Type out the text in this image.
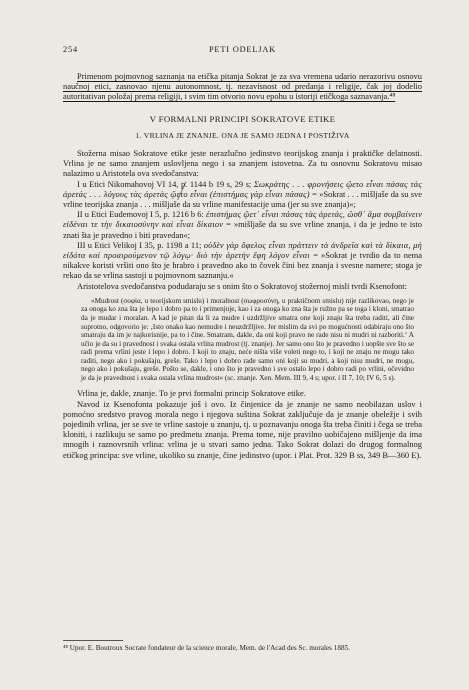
254	PETI ODELJAK

Primenom pojmovnog saznanja na etička pitanja Sokrat je za sva vremena udario nerazorivu osnovu naučnoj etici, zasnovao njenu autonomnost, tj. nezavisnost od predanja i religije, čak joj dodelio autoritativan položaj prema religiji, i svim tim otvorio novu epohu u istoriji etičkoga saznavanja.⁴⁸

V FORMALNI PRINCIPI SOKRATOVE ETIKE

1. VRLINA JE ZNANJE. ONA JE SAMO JEDNA I POSTIŽIVA

Stožerna misao Sokratove etike jeste nerazlučno jedinstvo teorijskog znanja i praktičke delatnosti. Vrlina je ne samo znanjem uslovljena nego i sa znanjem istovetna. Za tu osnovnu Sokratovu misao nalazimo u Aristotela ova svedočanstva:

I u Etici Nikomahovoj VI 14, p. 1144 b 19 s, 29 s; Σωκράτης . . . φρονήσεις ᾤετο εἶναι πάσας τὰς ἀρετάς . . . λόγους τὰς ἀρετὰς ᾤετο εἶναι (ἐπιστήμας γὰρ εἶναι πάσας) = »Sokrat . . . mišljaše da su sve vrline teorijska znanja . . . mišljaše da su vrline manifestacije uma (jer su sve znanja)«;

II u Etici Eudemovoj I 5, p. 1216 b 6: ἐπιστήμας ᾤετ᾽ εἶναι πάσας τὰς ἀρετάς, ὥσθ᾽ ἅμα συμβαίνειν εἰδέναι τε τὴν δικαιοσύνην καὶ εἶναι δίκαιον = »mišljaše da su sve vrline znanja, i da je jedno te isto znati šta je pravedno i biti pravedan«;

III u Etici Velikoj I 35, p. 1198 a 11; οὐδὲν γὰρ ὄφελος εἶναι πράττειν τὰ ἀνδρεῖα καὶ τὰ δίκαια, μὴ εἰδότα καὶ προαιρούμενον τῷ λόγῳ· διὸ τὴν ἀρετὴν ἔφη λόγον εἶναι = »Sokrat je tvrdio da to nema nikakve koristi vršiti ono što je hrabro i pravedno ako to čovek čini bez znanja i svesne namere; stoga je rekao da se vrlina sastoji u pojmovnom saznanju.«

Aristotelova svedočanstva podudaraju se s onim što o Sokratovoj stožernoj misli tvrdi Ksenofont:

»Mudrost (σοφία, u teorijskom smislu) i moralnost (σωφροσύνη, u praktičnom smislu) nije razlikovao, nego je za onoga ko zna šta je lepo i dobro pa to i primenjuje, kao i za onoga ko zna šta je ružno pa se toga i kloni, smatrao da je mudar i moralan. A kad je pitan da li za mudre i uzdržljive smatra one koji znaju šta treba raditi, ali čine suprotno, odgovorio je: ‚Isto onako kao nemudre i neuzdržljive. Jer mislim da svi po mogućnosti odabiraju ono što smatraju da im je najkorisnije, pa to i čine. Smatram, dakle, da oni koji pravo ne rade nisu ni mudri ni razboriti.‘ A učio je da su i pravednost i svaka ostala vrlina mudrost (tj. znanje). Jer samo ono što je pravedno i uopšte sve što se radi prema vrlini jeste i lepo i dobro. I koji to znaju, neće ništa više voleti nego to, i koji ne znaju ne mogu tako raditi, nego ako i pokušaju, greše. Tako i lepo i dobro rade samo oni koji su mudri, a koji nisu mudri, ne mogu, nego ako i pokušaju, greše. Pošto se, dakle, i ono što je pravedno i sve ostalo lepo i dobro radi po vrlini, očevidno je da je pravednost i svaka ostala vrlina mudrost« (sc. znanje. Xen. Mem. III 9, 4 s; upor. i II 7, 10; IV 6, 5 s).

Vrlina je, dakle, znanje. To je prvi formalni princip Sokratove etike.

Navod iz Ksenofonta pokazuje još i ovo. Iz činjenice da je znanje ne samo neobilazan uslov i pomoćno sredstvo pravog morala nego i njegova suština Sokrat zaključuje da je znanje obeležje i svih pojedinih vrlina, jer se sve te vrline sastoje u znanju, tj. u poznavanju onoga šta treba činiti i čega se treba kloniti, i razlikuju se samo po predmetu znanja. Prema tome, nije pravilno uobičajeno mišljenje da ima mnogih i raznovrsnih vrlina: vrlina je u stvari samo jedna. Tako Sokrat dolazi do drugog formalnog etičkog principa: sve vrline, ukoliko su znanje, čine jedinstvo (upor. i Plat. Prot. 329 B ss, 349 B—360 E).

⁴⁸ Upor. E. Boutroux Socrate fondateur de la science morale, Mem. de l'Acad des Sc. morales 1885.
